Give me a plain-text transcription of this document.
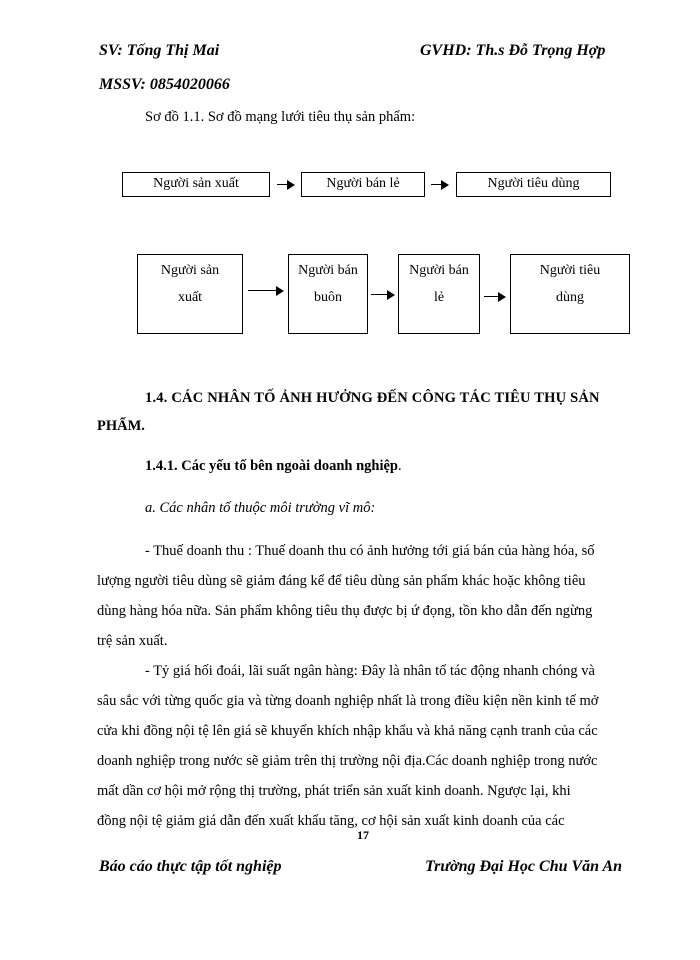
SV: Tống Thị Mai	GVHD: Th.s Đỗ Trọng Hợp
MSSV: 0854020066
Sơ đồ 1.1. Sơ đồ mạng lưới tiêu thụ sản phẩm:
Người sản xuất	Người bán lẻ	Người tiêu dùng
Người sản
xuất
Người bán
buôn
Người bán
lẻ
Người tiêu
dùng
1.4. CÁC NHÂN TỐ ẢNH HƯỞNG ĐẾN CÔNG TÁC TIÊU THỤ SẢN
PHẨM.
1.4.1. Các yếu tố bên ngoài doanh nghiệp.
a. Các nhân tố thuộc môi trường vĩ mô:
- Thuế doanh thu : Thuế doanh thu có ảnh hưởng tới giá bán của hàng hóa, số
lượng người tiêu dùng sẽ giảm đáng kể để tiêu dùng sản phẩm khác hoặc không tiêu
dùng hàng hóa nữa. Sản phẩm không tiêu thụ được bị ứ đọng, tồn kho dẫn đến ngừng
trệ sản xuất.
- Tỷ giá hối đoái, lãi suất ngân hàng: Đây là nhân tố tác động nhanh chóng và
sâu sắc với từng quốc gia và từng doanh nghiệp nhất là trong điều kiện nền kinh tế mở
cửa khi đồng nội tệ lên giá sẽ khuyến khích nhập khẩu và khả năng cạnh tranh của các
doanh nghiệp trong nước sẽ giảm trên thị trường nội địa.Các doanh nghiệp trong nước
mất dần cơ hội mở rộng thị trường, phát triển sản xuất kinh doanh. Ngược lại, khi
đồng nội tệ giảm giá dẫn đến xuất khẩu tăng, cơ hội sản xuất kinh doanh của các
17
Báo cáo thực tập tốt nghiệp	Trường Đại Học Chu Văn An
